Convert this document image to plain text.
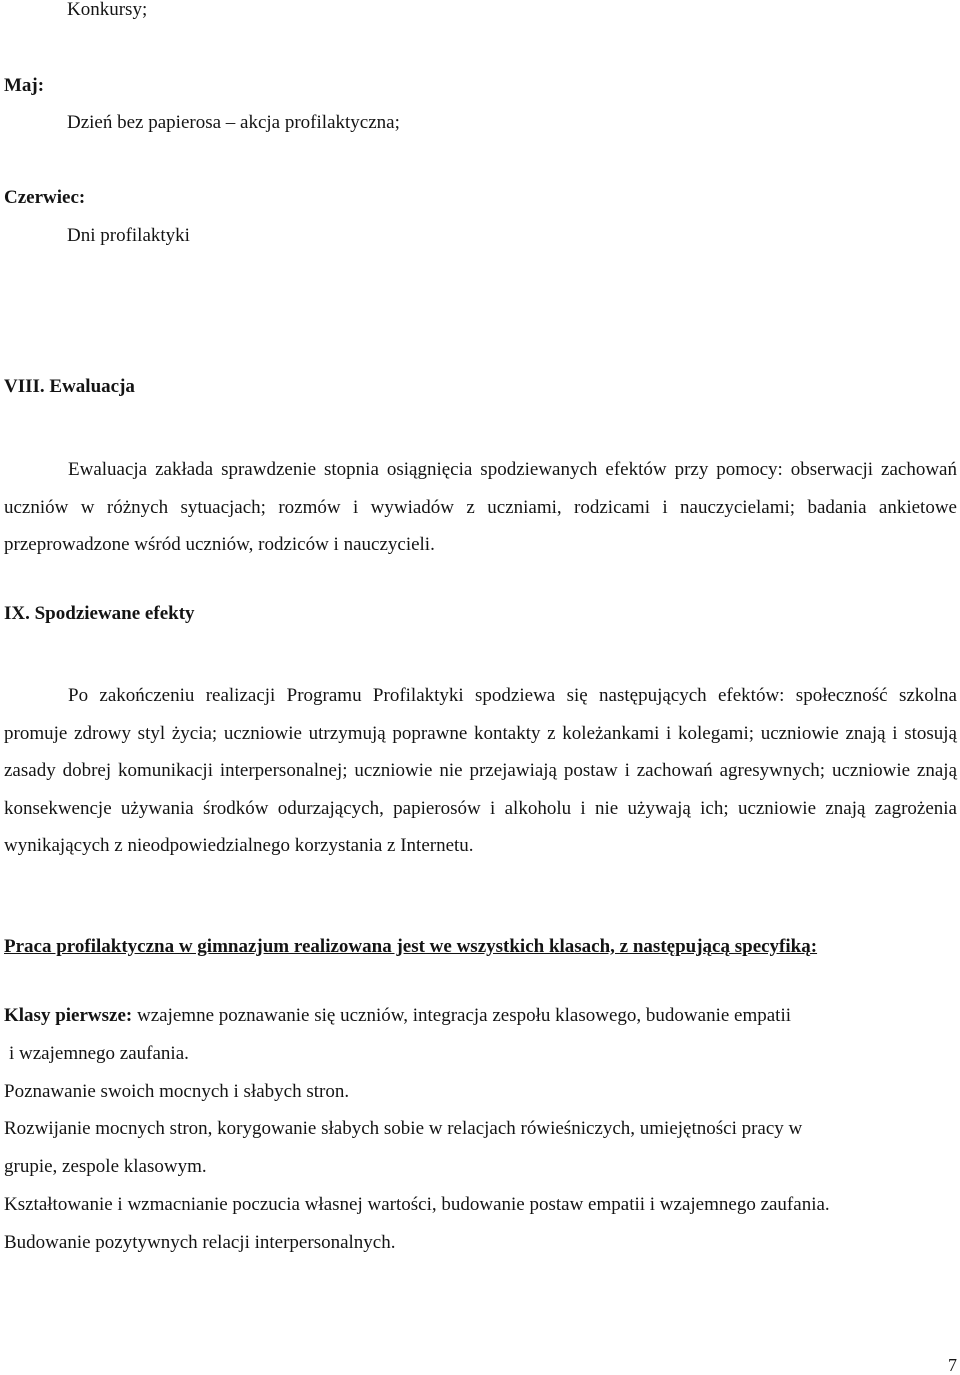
Konkursy;
Maj:
Dzień bez papierosa – akcja profilaktyczna;
Czerwiec:
Dni profilaktyki
VIII. Ewaluacja
Ewaluacja zakłada sprawdzenie stopnia osiągnięcia spodziewanych efektów przy pomocy: obserwacji zachowań uczniów w różnych sytuacjach; rozmów i wywiadów z uczniami, rodzicami i nauczycielami; badania ankietowe przeprowadzone wśród uczniów, rodziców i nauczycieli.
IX. Spodziewane efekty
Po zakończeniu realizacji Programu Profilaktyki spodziewa się następujących efektów: społeczność szkolna promuje zdrowy styl życia; uczniowie utrzymują poprawne kontakty z koleżankami i kolegami; uczniowie znają i stosują zasady dobrej komunikacji interpersonalnej; uczniowie nie przejawiają postaw i zachowań agresywnych; uczniowie znają konsekwencje używania środków odurzających, papierosów i alkoholu i nie używają ich; uczniowie znają zagrożenia wynikających z nieodpowiedzialnego korzystania z Internetu.
Praca profilaktyczna w gimnazjum realizowana jest we wszystkich klasach, z następującą specyfiką:
Klasy pierwsze: wzajemne poznawanie się uczniów, integracja zespołu klasowego, budowanie empatii
i wzajemnego zaufania.
Poznawanie swoich mocnych i słabych stron.
Rozwijanie mocnych stron, korygowanie słabych sobie w relacjach rówieśniczych, umiejętności pracy w
grupie, zespole klasowym.
Kształtowanie i wzmacnianie poczucia własnej wartości, budowanie postaw empatii i wzajemnego zaufania.
Budowanie pozytywnych relacji interpersonalnych.
7
